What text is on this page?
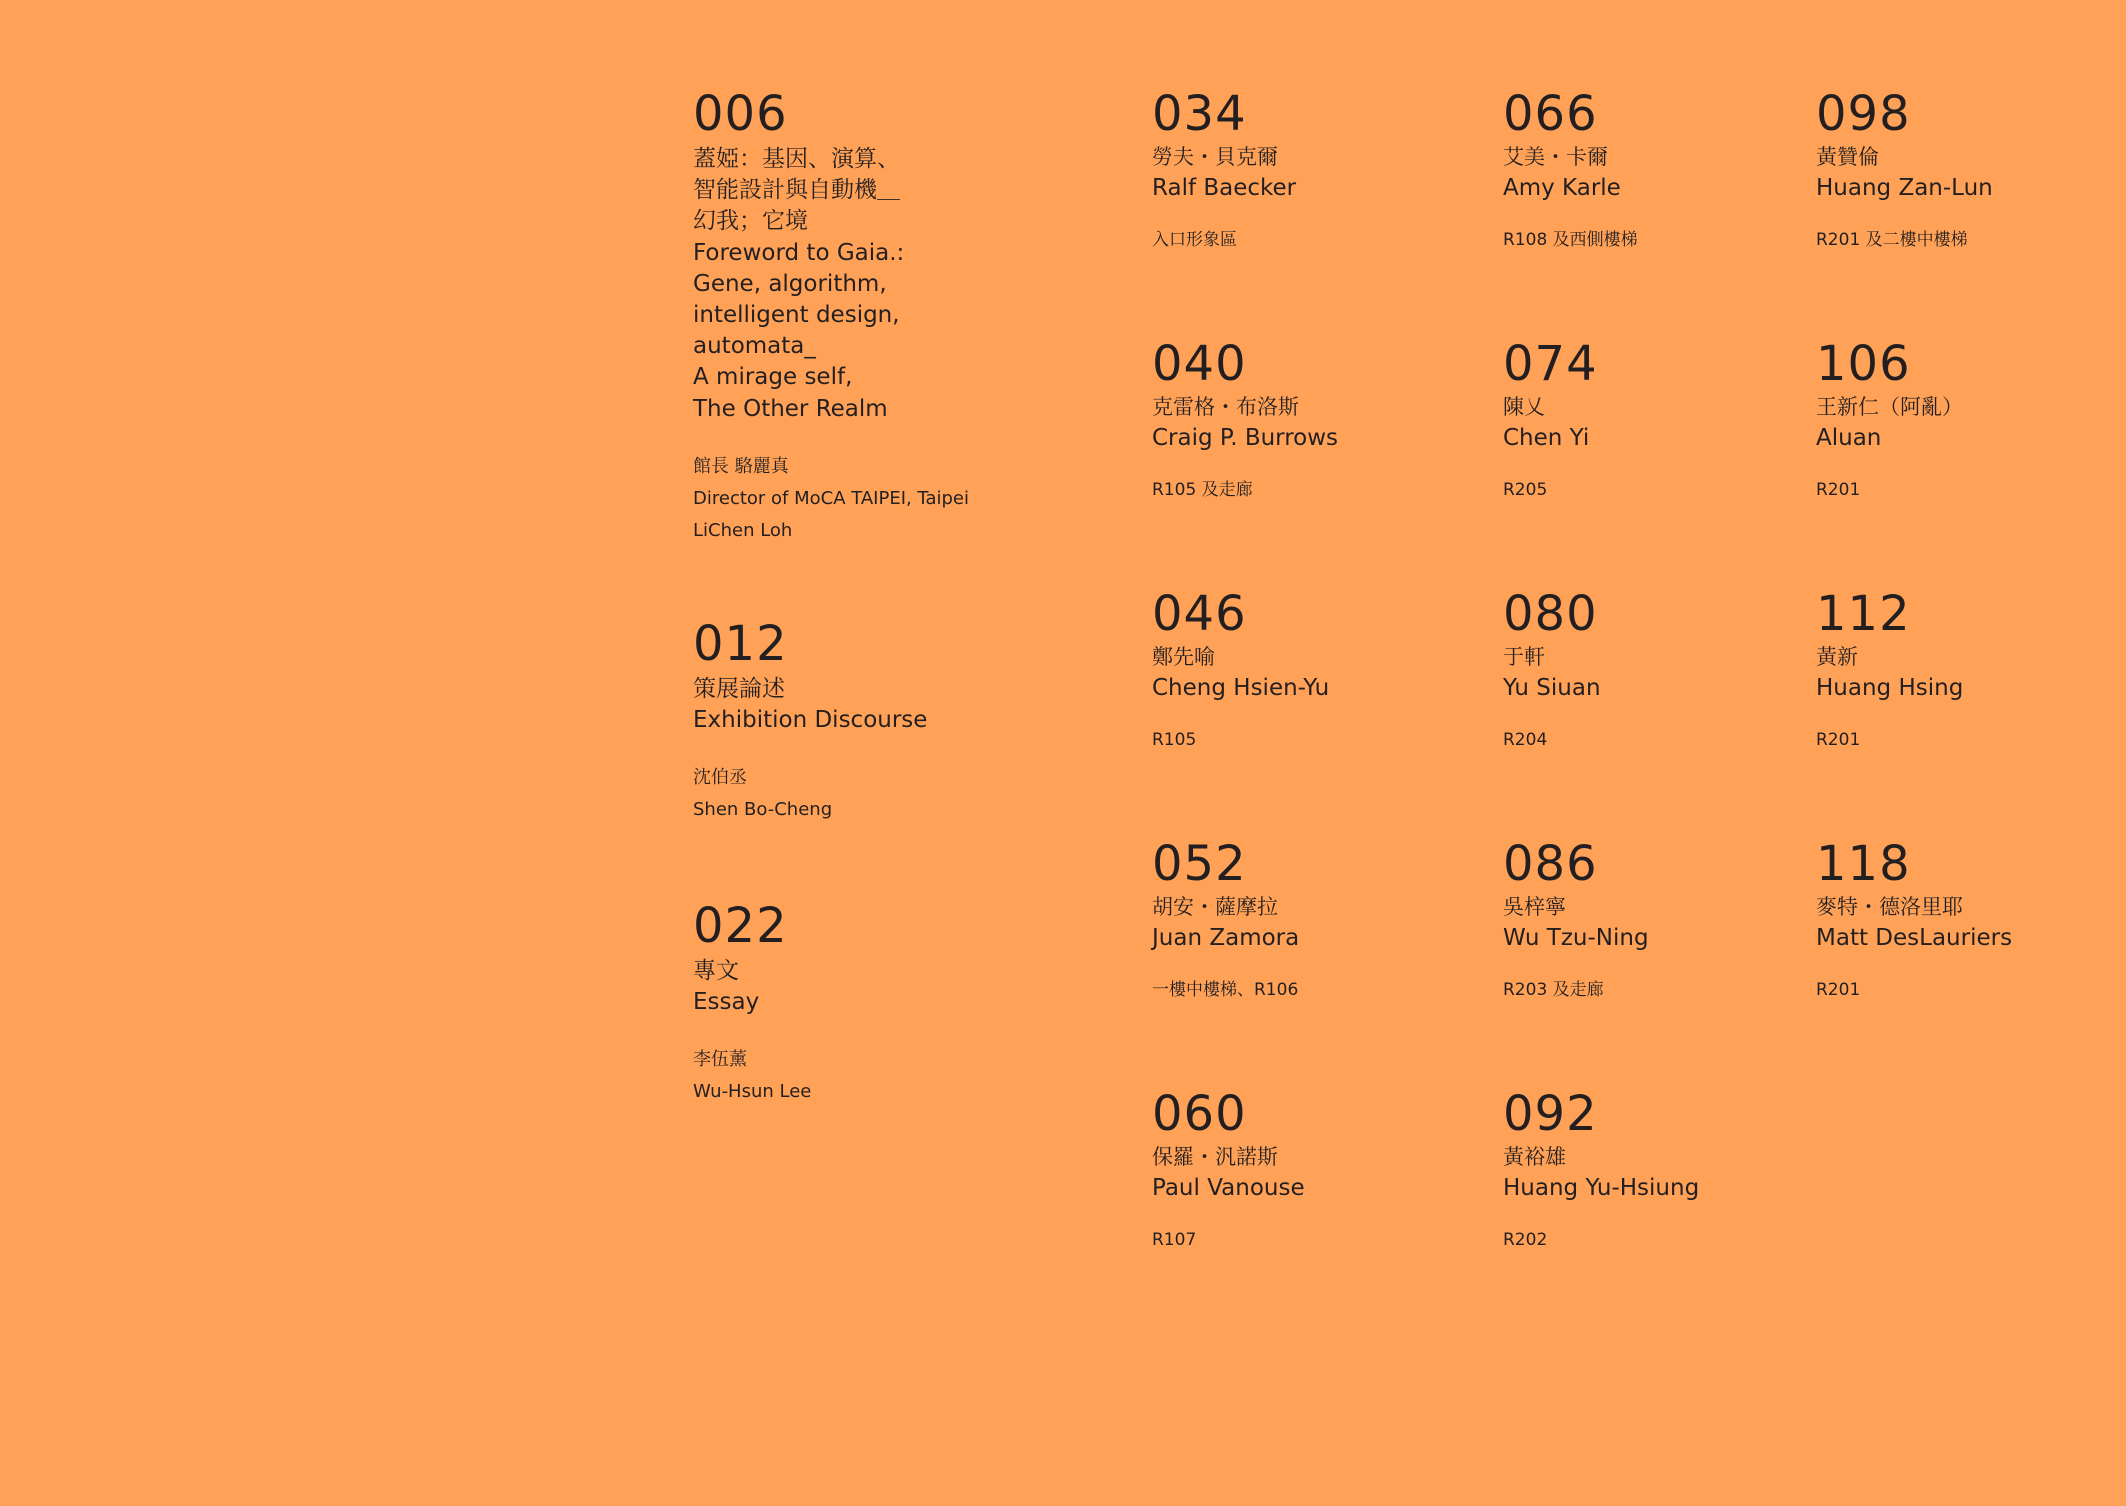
006
蓋婭：基因、演算、
智能設計與自動機＿
幻我；它境
Foreword to Gaia.:
Gene, algorithm,
intelligent design,
automata_
A mirage self,
The Other Realm
館長 駱麗真
Director of MoCA TAIPEI, Taipei
LiChen Loh
012
策展論述
Exhibition Discourse
沈伯丞
Shen Bo-Cheng
022
專文
Essay
李伍薰
Wu-Hsun Lee
034
勞夫・貝克爾
Ralf Baecker
入口形象區
040
克雷格・布洛斯
Craig P. Burrows
R105 及走廊
046
鄭先喻
Cheng Hsien-Yu
R105
052
胡安・薩摩拉
Juan Zamora
一樓中樓梯、R106
060
保羅・汎諾斯
Paul Vanouse
R107
066
艾美・卡爾
Amy Karle
R108 及西側樓梯
074
陳乂
Chen Yi
R205
080
于軒
Yu Siuan
R204
086
吳梓寧
Wu Tzu-Ning
R203 及走廊
092
黃裕雄
Huang Yu-Hsiung
R202
098
黃贊倫
Huang Zan-Lun
R201 及二樓中樓梯
106
王新仁（阿亂）
Aluan
R201
112
黃新
Huang Hsing
R201
118
麥特・德洛里耶
Matt DesLauriers
R201
